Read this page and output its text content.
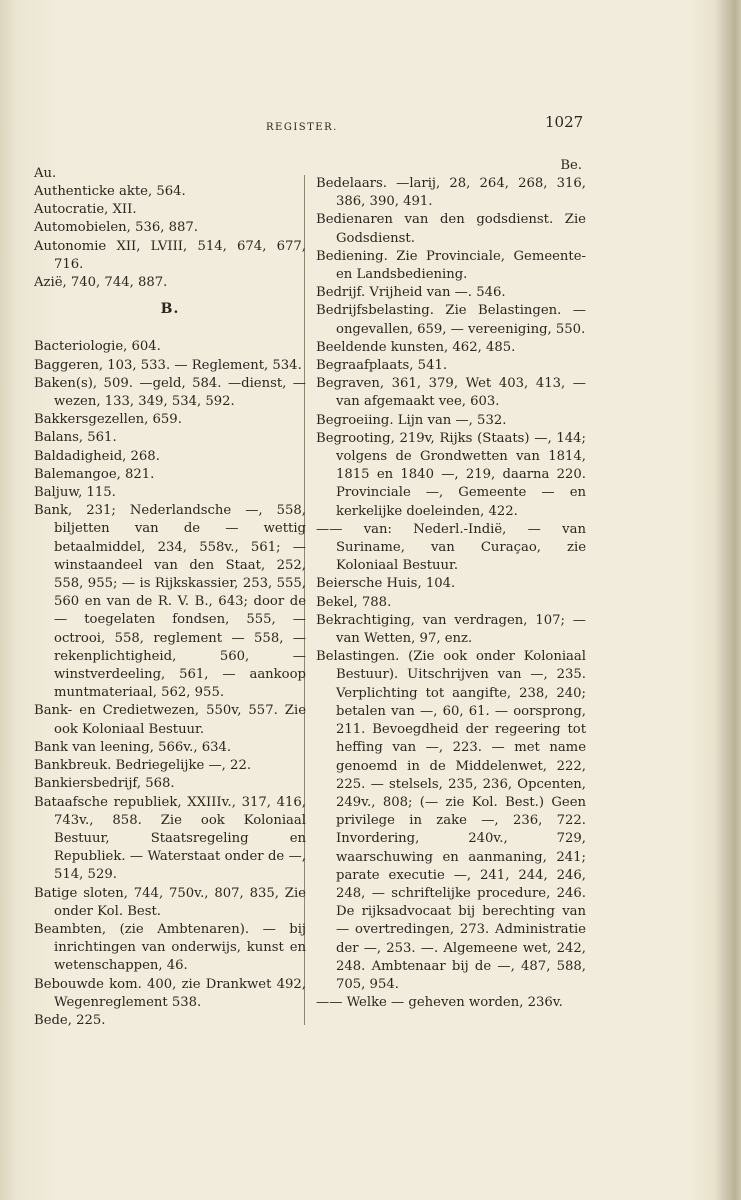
REGISTER.	1027

Au.

Authenticke akte, 564.

Autocratie, XII.

Automobielen, 536, 887.

Autonomie XII, LVIII, 514, 674, 677, 716.

Azië, 740, 744, 887.

B.

Bacteriologie, 604.

Baggeren, 103, 533. — Reglement, 534.

Baken(s), 509. —geld, 584. —dienst, —wezen, 133, 349, 534, 592.

Bakkersgezellen, 659.

Balans, 561.

Baldadigheid, 268.

Balemangoe, 821.

Baljuw, 115.

Bank, 231; Nederlandsche —, 558, biljetten van de — wettig betaalmiddel, 234, 558v., 561; —winstaandeel van den Staat, 252, 558, 955; — is Rijkskassier, 253, 555, 560 en van de R. V. B., 643; door de — toegelaten fondsen, 555, — octrooi, 558, reglement — 558, — rekenplichtigheid, 560, — winstverdeeling, 561, — aankoop muntmateriaal, 562, 955.

Bank- en Credietwezen, 550v, 557. Zie ook Koloniaal Bestuur.

Bank van leening, 566v., 634.

Bankbreuk. Bedriegelijke —, 22.

Bankiersbedrijf, 568.

Bataafsche republiek, XXIIIv., 317, 416, 743v., 858. Zie ook Koloniaal Bestuur, Staatsregeling en Republiek. — Waterstaat onder de —, 514, 529.

Batige sloten, 744, 750v., 807, 835, Zie onder Kol. Best.

Beambten, (zie Ambtenaren). — bij inrichtingen van onderwijs, kunst en wetenschappen, 46.

Bebouwde kom. 400, zie Drankwet 492, Wegenreglement 538.

Bede, 225.

Be.

Bedelaars. —larij, 28, 264, 268, 316, 386, 390, 491.

Bedienaren van den godsdienst. Zie Godsdienst.

Bediening. Zie Provinciale, Gemeente- en Landsbediening.

Bedrijf. Vrijheid van —. 546.

Bedrijfsbelasting. Zie Belastingen. — ongevallen, 659, — vereeniging, 550.

Beeldende kunsten, 462, 485.

Begraafplaats, 541.

Begraven, 361, 379, Wet 403, 413, — van afgemaakt vee, 603.

Begroeiing. Lijn van —, 532.

Begrooting, 219v, Rijks (Staats) —, 144; volgens de Grondwetten van 1814, 1815 en 1840 —, 219, daarna 220. Provinciale —, Gemeente — en kerkelijke doeleinden, 422.

—— van: Nederl.-Indië, — van Suriname, van Curaçao, zie Koloniaal Bestuur.

Beiersche Huis, 104.

Bekel, 788.

Bekrachtiging, van verdragen, 107; — van Wetten, 97, enz.

Belastingen. (Zie ook onder Koloniaal Bestuur). Uitschrijven van —, 235. Verplichting tot aangifte, 238, 240; betalen van —, 60, 61. — oorsprong, 211. Bevoegdheid der regeering tot heffing van —, 223. — met name genoemd in de Middelenwet, 222, 225. — stelsels, 235, 236, Opcenten, 249v., 808; (— zie Kol. Best.) Geen privilege in zake —, 236, 722. Invordering, 240v., 729, waarschuwing en aanmaning, 241; parate executie —, 241, 244, 246, 248, — schriftelijke procedure, 246. De rijksadvocaat bij berechting van — overtredingen, 273. Administratie der —, 253. —. Algemeene wet, 242, 248. Ambtenaar bij de —, 487, 588, 705, 954.

—— Welke — geheven worden, 236v.
